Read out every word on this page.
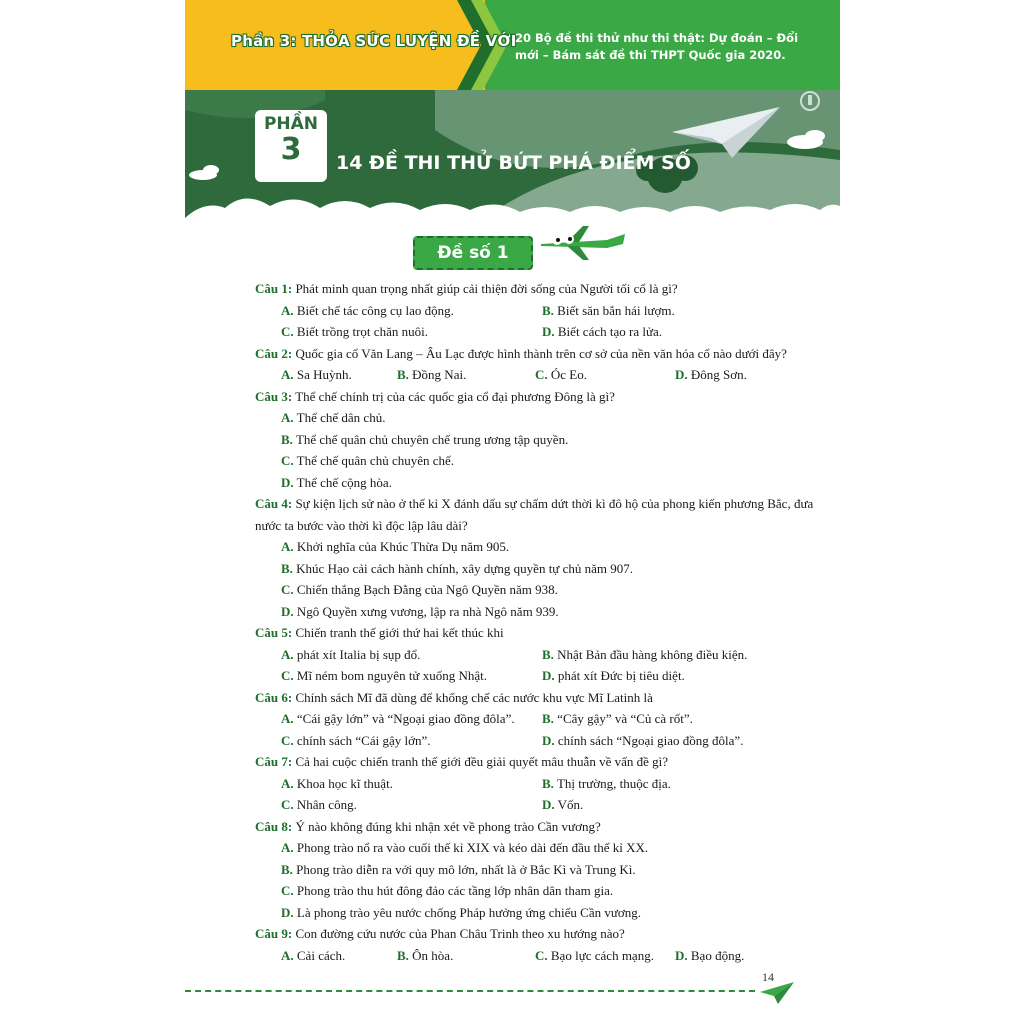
Phần 3: THỎA SỨC LUYỆN ĐỀ VỚI
20 Bộ đề thi thử như thi thật: Dự đoán – Đổi mới – Bám sát đề thi THPT Quốc gia 2020.
PHẦN
3	14 ĐỀ THI THỬ BỨT PHÁ ĐIỂM SỐ
Đề số 1
Câu 1: Phát minh quan trọng nhất giúp cải thiện đời sống của Người tối cổ là gì?
A. Biết chế tác công cụ lao động.	B. Biết săn bắn hái lượm.
C. Biết trồng trọt chăn nuôi.	D. Biết cách tạo ra lửa.
Câu 2: Quốc gia cổ Văn Lang – Âu Lạc được hình thành trên cơ sở của nền văn hóa cổ nào dưới đây?
A. Sa Huỳnh.	B. Đồng Nai.	C. Óc Eo.	D. Đông Sơn.
Câu 3: Thể chế chính trị của các quốc gia cổ đại phương Đông là gì?
A. Thể chế dân chủ.
B. Thể chế quân chủ chuyên chế trung ương tập quyền.
C. Thể chế quân chủ chuyên chế.
D. Thể chế cộng hòa.
Câu 4: Sự kiện lịch sử nào ở thế kỉ X đánh dấu sự chấm dứt thời kì đô hộ của phong kiến phương Bắc, đưa nước ta bước vào thời kì độc lập lâu dài?
A. Khởi nghĩa của Khúc Thừa Dụ năm 905.
B. Khúc Hạo cải cách hành chính, xây dựng quyền tự chủ năm 907.
C. Chiến thắng Bạch Đằng của Ngô Quyền năm 938.
D. Ngô Quyền xưng vương, lập ra nhà Ngô năm 939.
Câu 5: Chiến tranh thế giới thứ hai kết thúc khi
A. phát xít Italia bị sụp đổ.	B. Nhật Bản đầu hàng không điều kiện.
C. Mĩ ném bom nguyên tử xuống Nhật.	D. phát xít Đức bị tiêu diệt.
Câu 6: Chính sách Mĩ đã dùng để khống chế các nước khu vực Mĩ Latinh là
A. “Cái gậy lớn” và “Ngoại giao đồng đôla”.	B. “Cây gậy” và “Củ cà rốt”.
C. chính sách “Cái gậy lớn”.	D. chính sách “Ngoại giao đồng đôla”.
Câu 7: Cả hai cuộc chiến tranh thế giới đều giải quyết mâu thuẫn về vấn đề gì?
A. Khoa học kĩ thuật.	B. Thị trường, thuộc địa.
C. Nhân công.	D. Vốn.
Câu 8: Ý nào không đúng khi nhận xét về phong trào Cần vương?
A. Phong trào nổ ra vào cuối thế kỉ XIX và kéo dài đến đầu thế kỉ XX.
B. Phong trào diễn ra với quy mô lớn, nhất là ở Bắc Kì và Trung Kì.
C. Phong trào thu hút đông đảo các tầng lớp nhân dân tham gia.
D. Là phong trào yêu nước chống Pháp hưởng ứng chiếu Cần vương.
Câu 9: Con đường cứu nước của Phan Châu Trinh theo xu hướng nào?
A. Cải cách.	B. Ôn hòa.	C. Bạo lực cách mạng.	D. Bạo động.
14
